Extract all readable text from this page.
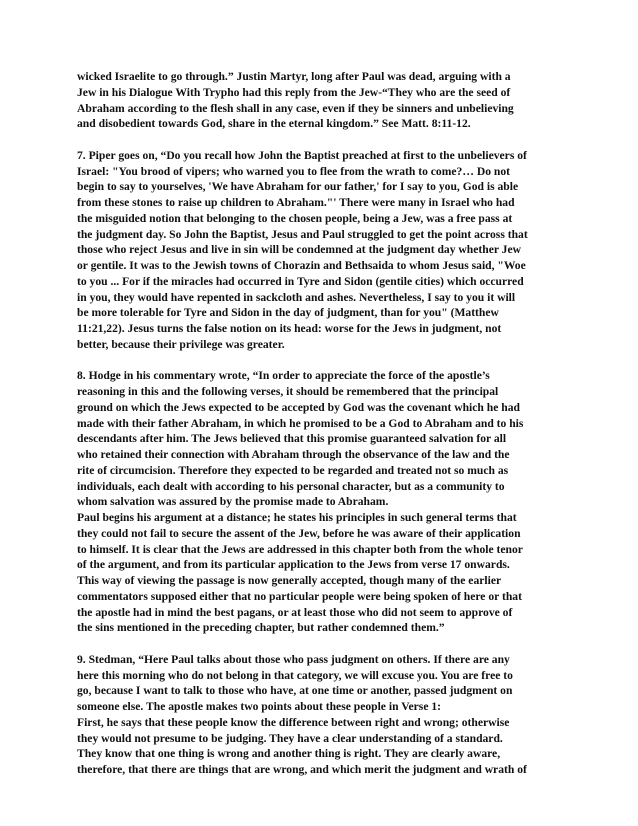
wicked Israelite to go through.” Justin Martyr, long after Paul was dead, arguing with a
Jew in his Dialogue With Trypho had this reply from the Jew-“They who are the seed of
Abraham according to the flesh shall in any case, even if they be sinners and unbelieving
and disobedient towards God, share in the eternal kingdom.” See Matt. 8:11-12.
7. Piper goes on, “Do you recall how John the Baptist preached at first to the unbelievers of
Israel: "You brood of vipers; who warned you to flee from the wrath to come?… Do not
begin to say to yourselves, 'We have Abraham for our father,' for I say to you, God is able
from these stones to raise up children to Abraham."' There were many in Israel who had
the misguided notion that belonging to the chosen people, being a Jew, was a free pass at
the judgment day. So John the Baptist, Jesus and Paul struggled to get the point across that
those who reject Jesus and live in sin will be condemned at the judgment day whether Jew
or gentile. It was to the Jewish towns of Chorazin and Bethsaida to whom Jesus said, "Woe
to you ... For if the miracles had occurred in Tyre and Sidon (gentile cities) which occurred
in you, they would have repented in sackcloth and ashes. Nevertheless, I say to you it will
be more tolerable for Tyre and Sidon in the day of judgment, than for you" (Matthew
11:21,22). Jesus turns the false notion on its head: worse for the Jews in judgment, not
better, because their privilege was greater.
8. Hodge in his commentary wrote, “In order to appreciate the force of the apostle’s
reasoning in this and the following verses, it should be remembered that the principal
ground on which the Jews expected to be accepted by God was the covenant which he had
made with their father Abraham, in which he promised to be a God to Abraham and to his
descendants after him. The Jews believed that this promise guaranteed salvation for all
who retained their connection with Abraham through the observance of the law and the
rite of circumcision. Therefore they expected to be regarded and treated not so much as
individuals, each dealt with according to his personal character, but as a community to
whom salvation was assured by the promise made to Abraham.
Paul begins his argument at a distance; he states his principles in such general terms that
they could not fail to secure the assent of the Jew, before he was aware of their application
to himself. It is clear that the Jews are addressed in this chapter both from the whole tenor
of the argument, and from its particular application to the Jews from verse 17 onwards.
This way of viewing the passage is now generally accepted, though many of the earlier
commentators supposed either that no particular people were being spoken of here or that
the apostle had in mind the best pagans, or at least those who did not seem to approve of
the sins mentioned in the preceding chapter, but rather condemned them.”
9. Stedman, “Here Paul talks about those who pass judgment on others. If there are any
here this morning who do not belong in that category, we will excuse you. You are free to
go, because I want to talk to those who have, at one time or another, passed judgment on
someone else. The apostle makes two points about these people in Verse 1:
First, he says that these people know the difference between right and wrong; otherwise
they would not presume to be judging. They have a clear understanding of a standard.
They know that one thing is wrong and another thing is right. They are clearly aware,
therefore, that there are things that are wrong, and which merit the judgment and wrath of
